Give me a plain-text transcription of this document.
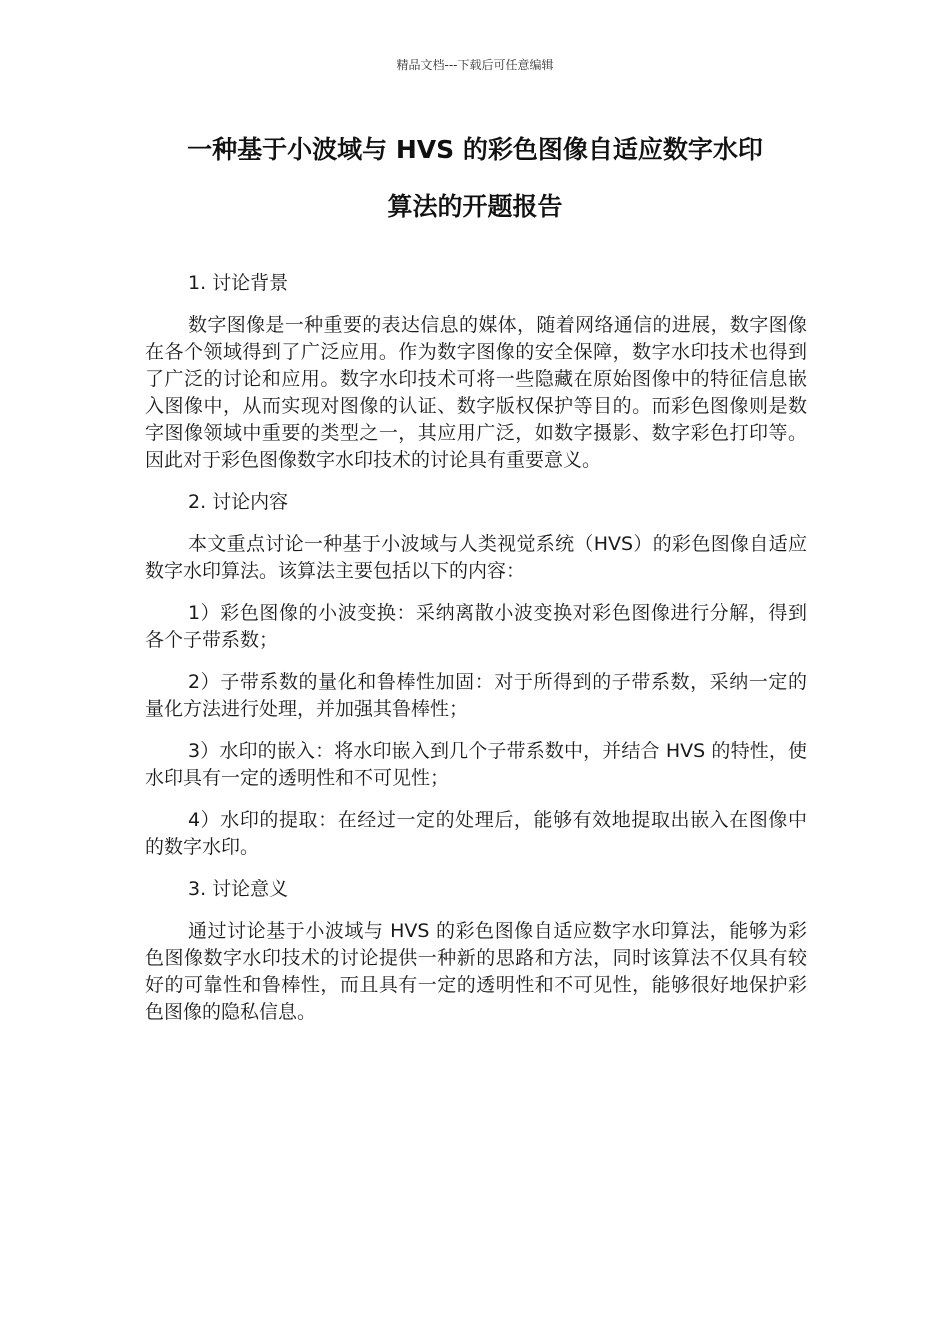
精品文档---下载后可任意编辑
一种基于小波域与 HVS 的彩色图像自适应数字水印
算法的开题报告
1. 讨论背景

数字图像是一种重要的表达信息的媒体，随着网络通信的进展，数字图像在各个领域得到了广泛应用。作为数字图像的安全保障，数字水印技术也得到了广泛的讨论和应用。数字水印技术可将一些隐藏在原始图像中的特征信息嵌入图像中，从而实现对图像的认证、数字版权保护等目的。而彩色图像则是数字图像领域中重要的类型之一，其应用广泛，如数字摄影、数字彩色打印等。因此对于彩色图像数字水印技术的讨论具有重要意义。

2. 讨论内容

本文重点讨论一种基于小波域与人类视觉系统（HVS）的彩色图像自适应数字水印算法。该算法主要包括以下的内容：

1）彩色图像的小波变换：采纳离散小波变换对彩色图像进行分解，得到各个子带系数；

2）子带系数的量化和鲁棒性加固：对于所得到的子带系数，采纳一定的量化方法进行处理，并加强其鲁棒性；

3）水印的嵌入：将水印嵌入到几个子带系数中，并结合 HVS 的特性，使水印具有一定的透明性和不可见性；

4）水印的提取：在经过一定的处理后，能够有效地提取出嵌入在图像中的数字水印。

3. 讨论意义

通过讨论基于小波域与 HVS 的彩色图像自适应数字水印算法，能够为彩色图像数字水印技术的讨论提供一种新的思路和方法，同时该算法不仅具有较好的可靠性和鲁棒性，而且具有一定的透明性和不可见性，能够很好地保护彩色图像的隐私信息。
